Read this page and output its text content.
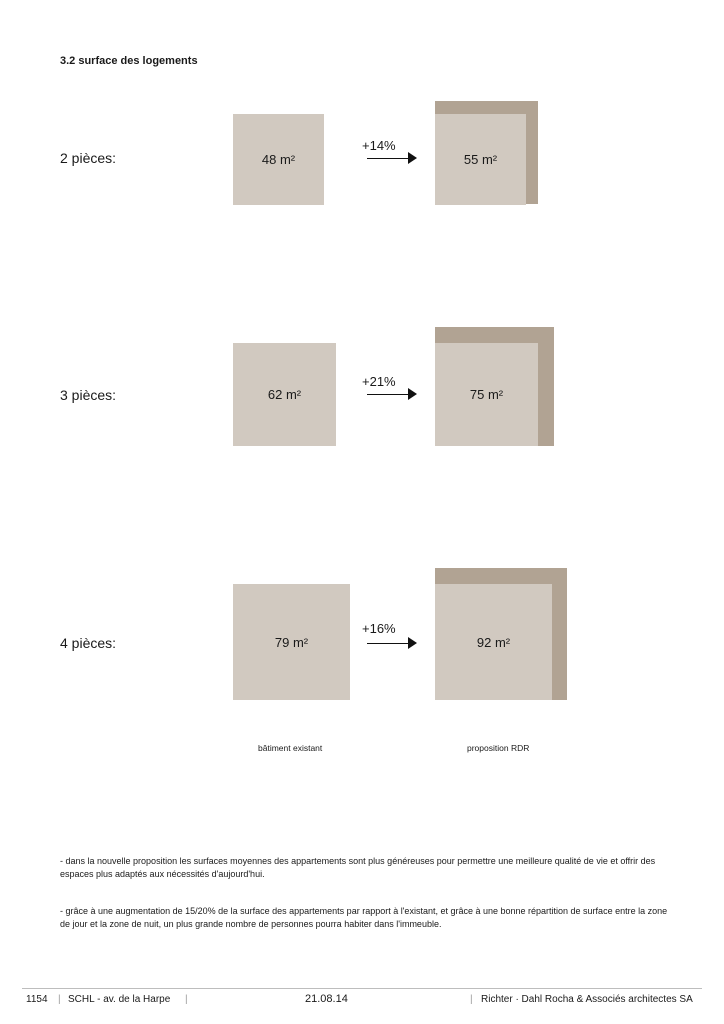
3.2 surface des logements
2 pièces:	48 m²
+14%
55 m²
3 pièces:	62 m²
+21%
75 m²
4 pièces:	79 m²
+16%
92 m²
bâtiment existant	proposition RDR
- dans la nouvelle proposition les surfaces moyennes des appartements sont plus généreuses pour permettre une meilleure qualité de vie et offrir des espaces plus adaptés aux nécessités d'aujourd'hui.
- grâce à une augmentation de 15/20% de la surface des appartements par rapport à l'existant, et grâce à une bonne répartition de surface entre la zone de jour et la zone de nuit, un plus grande nombre de personnes pourra habiter dans l'immeuble.
1154 | SCHL - av. de la Harpe |	21.08.14	| Richter · Dahl Rocha & Associés architectes SA
